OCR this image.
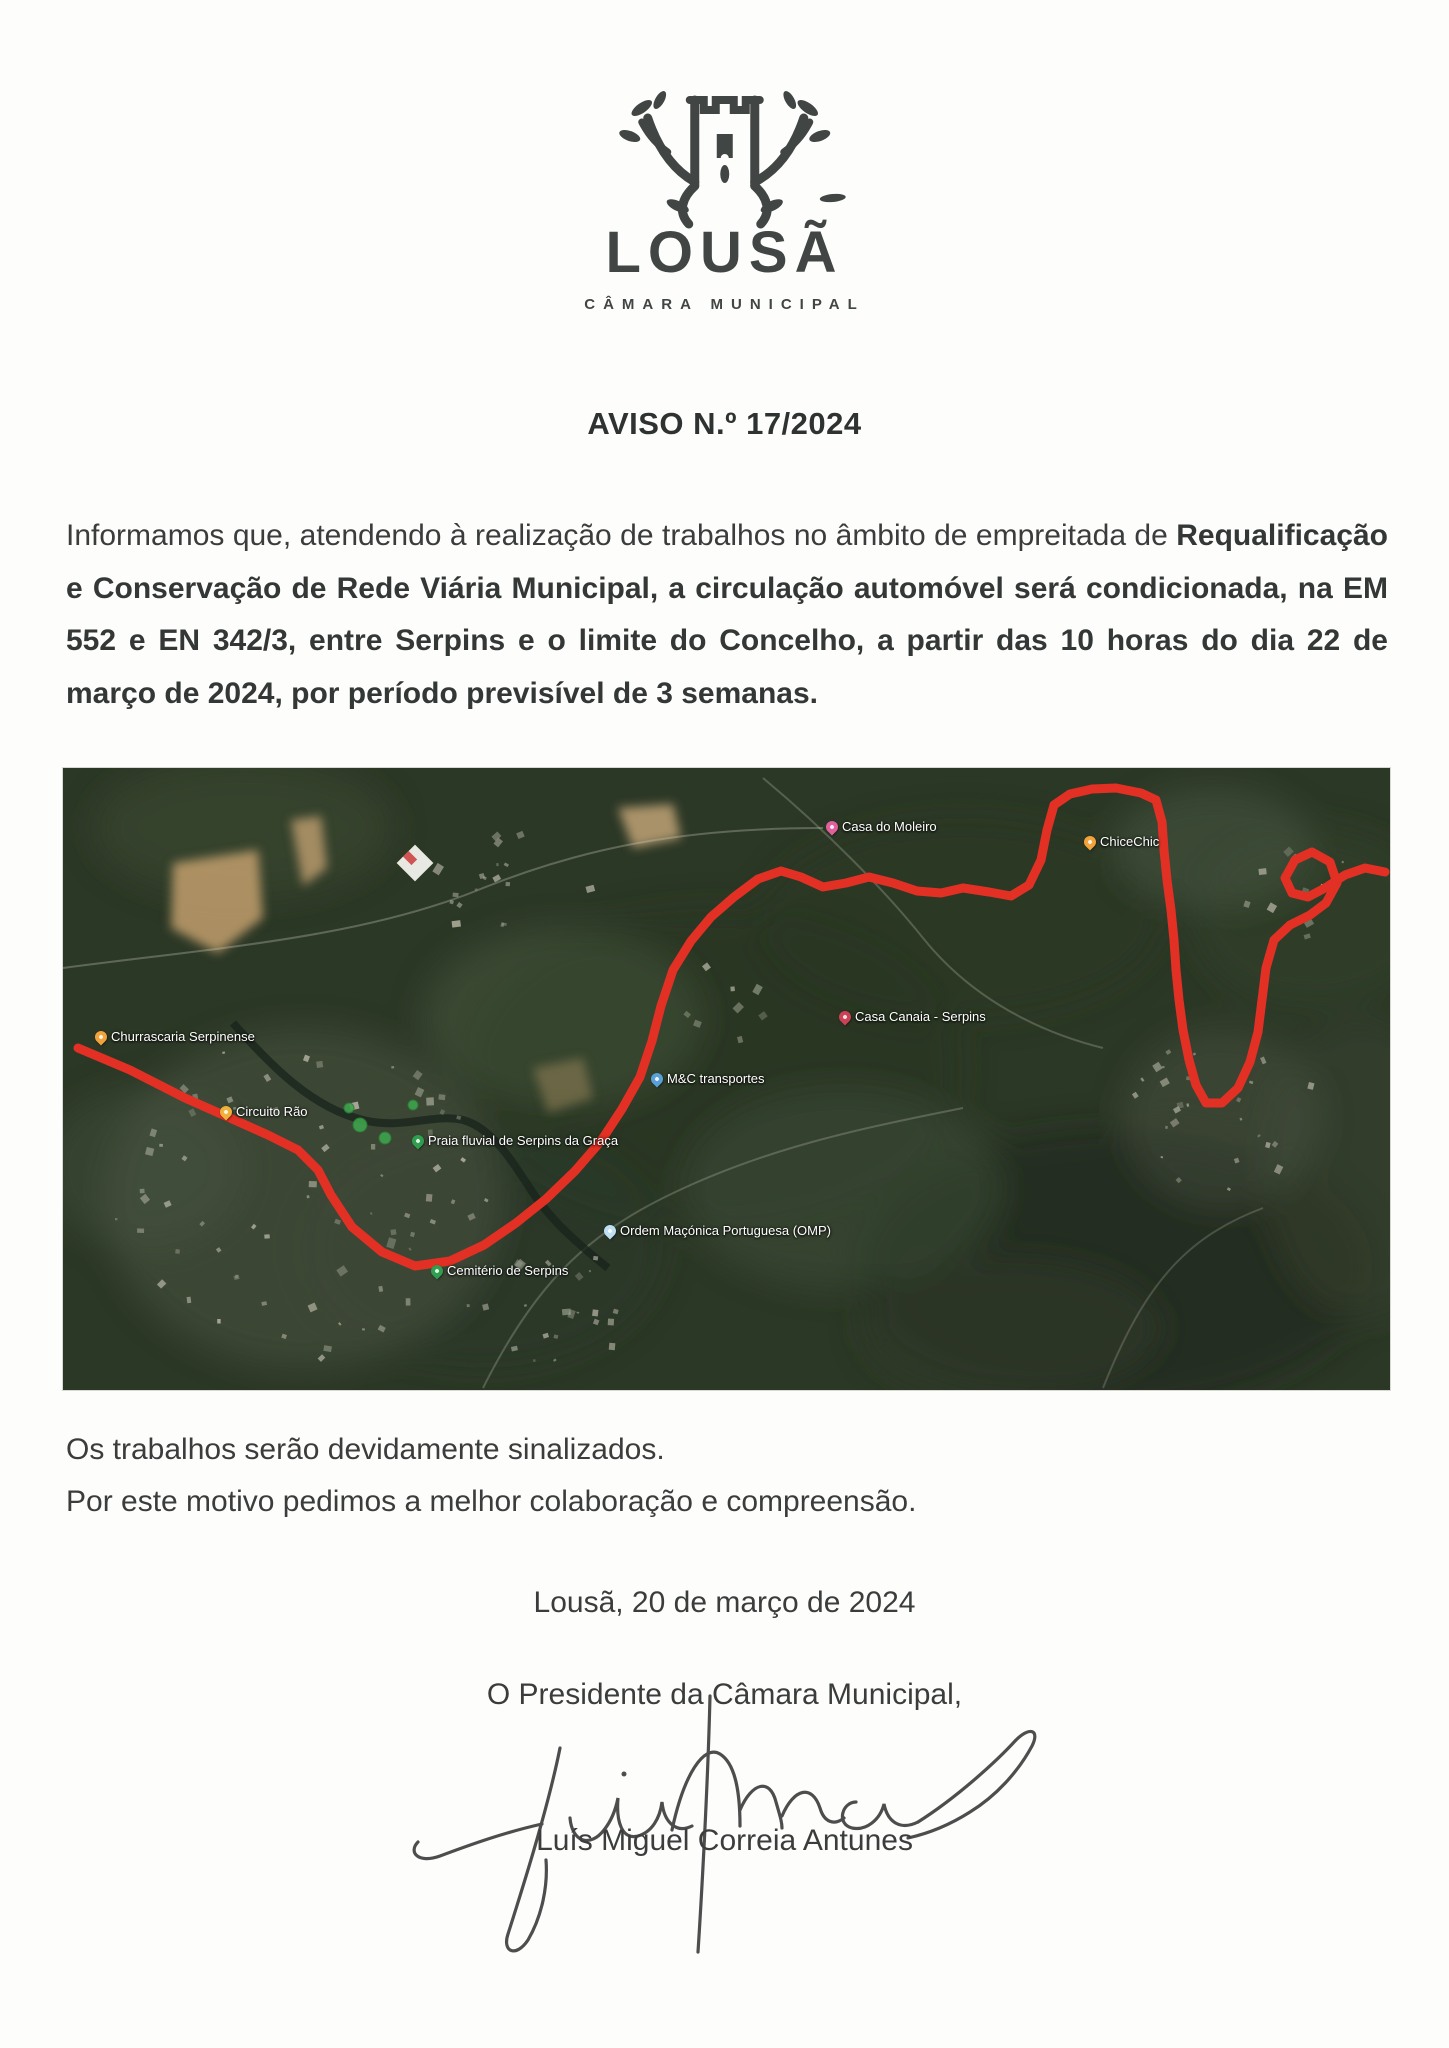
LOUSÃ
CÂMARA MUNICIPAL
AVISO N.º 17/2024

Informamos que, atendendo à realização de trabalhos no âmbito de empreitada de Requalificação e Conservação de Rede Viária Municipal, a circulação automóvel será condicionada, na EM 552 e EN 342/3, entre Serpins e o limite do Concelho, a partir das 10 horas do dia 22 de março de 2024, por período previsível de 3 semanas.

Casa do Moleiro
ChiceChic
Casa Canaia - Serpins
M&C transportes
Ordem Maçónica Portuguesa (OMP)
Cemitério de Serpins
Churrascaria Serpinense
Circuito Rão
Praia fluvial de Serpins da Graça
Os trabalhos serão devidamente sinalizados.
Por este motivo pedimos a melhor colaboração e compreensão.
Lousã, 20 de março de 2024
O Presidente da Câmara Municipal,
Luís Miguel Correia Antunes
